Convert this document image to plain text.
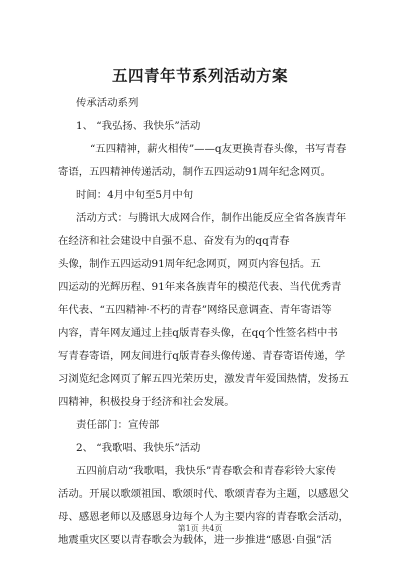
五四青年节系列活动方案
传承活动系列
1、 “我弘扬、我快乐”活动
“五四精神，薪火相传”——q友更换青春头像，书写青春
寄语，五四精神传递活动，制作五四运动91周年纪念网页。
时间：4月中旬至5月中旬
活动方式：与腾讯大成网合作，制作出能反应全省各族青年
在经济和社会建设中自强不息、奋发有为的qq青春
头像，制作五四运动91周年纪念网页，网页内容包括。五
四运动的光辉历程、91年来各族青年的模范代表、当代优秀青
年代表、“五四精神·不朽的青春”网络民意调查、青年寄语等
内容，青年网友通过上挂q版青春头像，在qq个性签名档中书
写青春寄语，网友间进行q版青春头像传递、青春寄语传递，学
习浏览纪念网页了解五四光荣历史，激发青年爱国热情，发扬五
四精神，积极投身于经济和社会发展。
责任部门：宣传部
2、 “我歌唱、我快乐”活动
五四前启动“我歌唱，我快乐”青春歌会和青春彩铃大家传
活动。开展以歌颂祖国、歌颂时代、歌颂青春为主题，以感恩父
母、感恩老师以及感恩身边每个人为主要内容的青春歌会活动，
地震重灾区要以青春歌会为载体，进一步推进“感恩·自强”活
第1页 共4页
